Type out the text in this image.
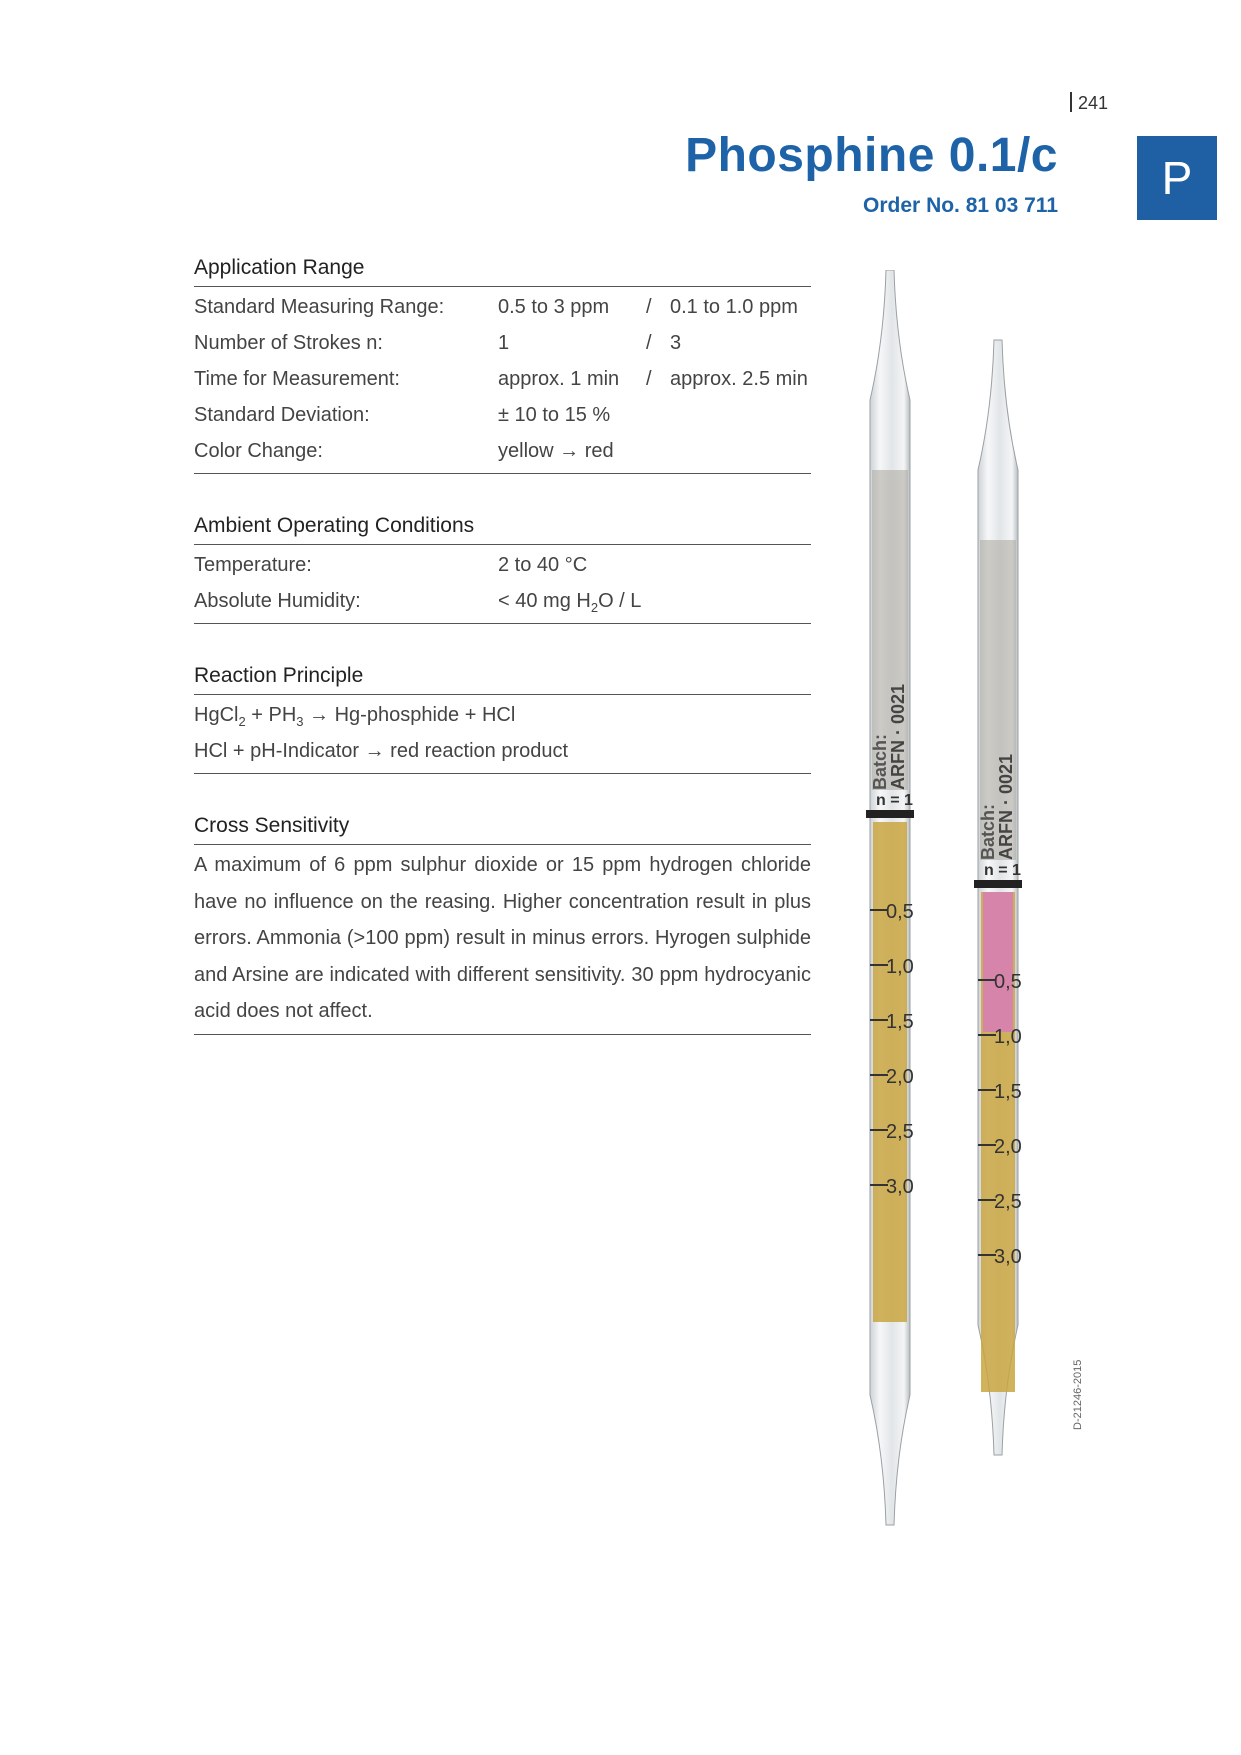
241
Phosphine 0.1/c
Order No. 81 03 711
P
Application Range
Standard Measuring Range:	0.5 to 3 ppm	/ 0.1 to 1.0 ppm
Number of Strokes n:	1	/ 3
Time for Measurement:	approx. 1 min	/ approx. 2.5 min
Standard Deviation:	± 10 to 15 %
Color Change:	yellow → red
Ambient Operating Conditions
Temperature:	2 to 40 °C
Absolute Humidity:	< 40 mg $H_2O$ / L
Reaction Principle
HgCl$_2$ + $PH_3$ → Hg-phosphide + HCl
HCl + pH-Indicator → red reaction product
Cross Sensitivity
A maximum of 6 ppm sulphur dioxide or 15 ppm hydrogen chloride have no influence on the reasing. Higher concentration result in plus errors. Ammonia (>100 ppm) result in minus errors. Hyrogen sulphide and Arsine are indicated with different sensitivity. 30 ppm hydrocyanic acid does not affect.
Batch:
ARFN · 0021
0,5
1,0
1,5
2,0
2,5
3,0
n = 1
Batch:
ARFN · 0021
0,5
1,0
1,5
2,0
2,5
3,0
n = 1
D-21246-2015
